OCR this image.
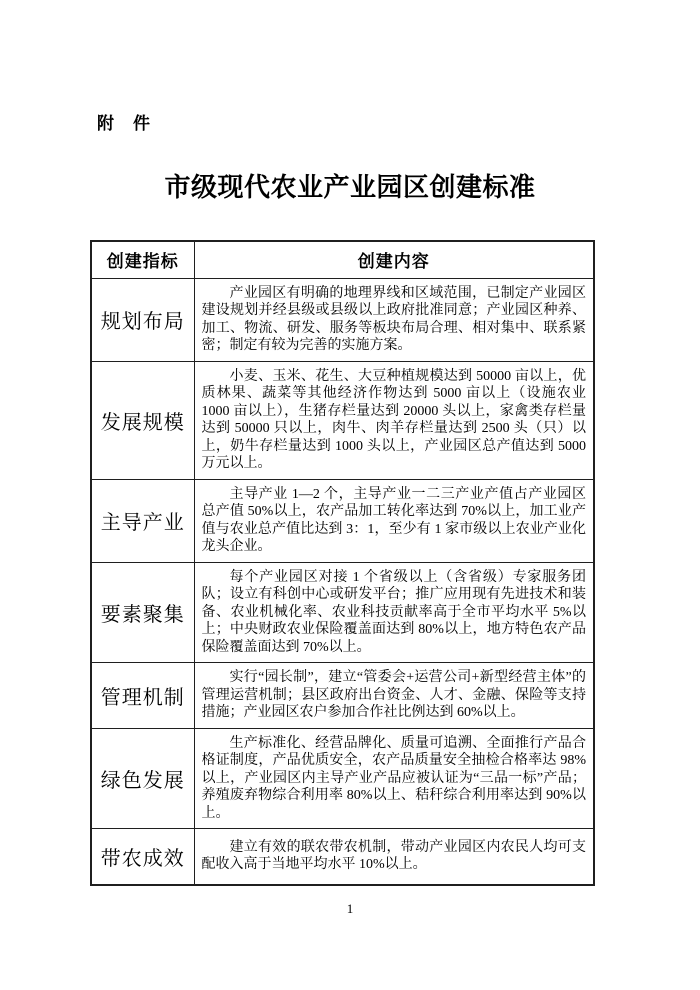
附　件
市级现代农业产业园区创建标准
创建指标	创建内容
规划布局	产业园区有明确的地理界线和区域范围，已制定产业园区建设规划并经县级或县级以上政府批准同意；产业园区种养、加工、物流、研发、服务等板块布局合理、相对集中、联系紧密；制定有较为完善的实施方案。

发展规模	小麦、玉米、花生、大豆种植规模达到 50000 亩以上，优质林果、蔬菜等其他经济作物达到 5000 亩以上（设施农业 1000 亩以上），生猪存栏量达到 20000 头以上，家禽类存栏量达到 50000 只以上，肉牛、肉羊存栏量达到 2500 头（只）以上，奶牛存栏量达到 1000 头以上，产业园区总产值达到 5000 万元以上。

主导产业	主导产业 1—2 个，主导产业一二三产业产值占产业园区总产值 50%以上，农产品加工转化率达到 70%以上，加工业产值与农业总产值比达到 3：1，至少有 1 家市级以上农业产业化龙头企业。

要素聚集	每个产业园区对接 1 个省级以上（含省级）专家服务团队；设立有科创中心或研发平台；推广应用现有先进技术和装备、农业机械化率、农业科技贡献率高于全市平均水平 5%以上；中央财政农业保险覆盖面达到 80%以上，地方特色农产品保险覆盖面达到 70%以上。

管理机制	实行“园长制”，建立“管委会+运营公司+新型经营主体”的管理运营机制；县区政府出台资金、人才、金融、保险等支持措施；产业园区农户参加合作社比例达到 60%以上。

绿色发展	生产标准化、经营品牌化、质量可追溯、全面推行产品合格证制度，产品优质安全，农产品质量安全抽检合格率达 98%以上，产业园区内主导产业产品应被认证为“三品一标”产品；养殖废弃物综合利用率 80%以上、秸秆综合利用率达到 90%以上。

带农成效	建立有效的联农带农机制，带动产业园区内农民人均可支配收入高于当地平均水平 10%以上。

1
